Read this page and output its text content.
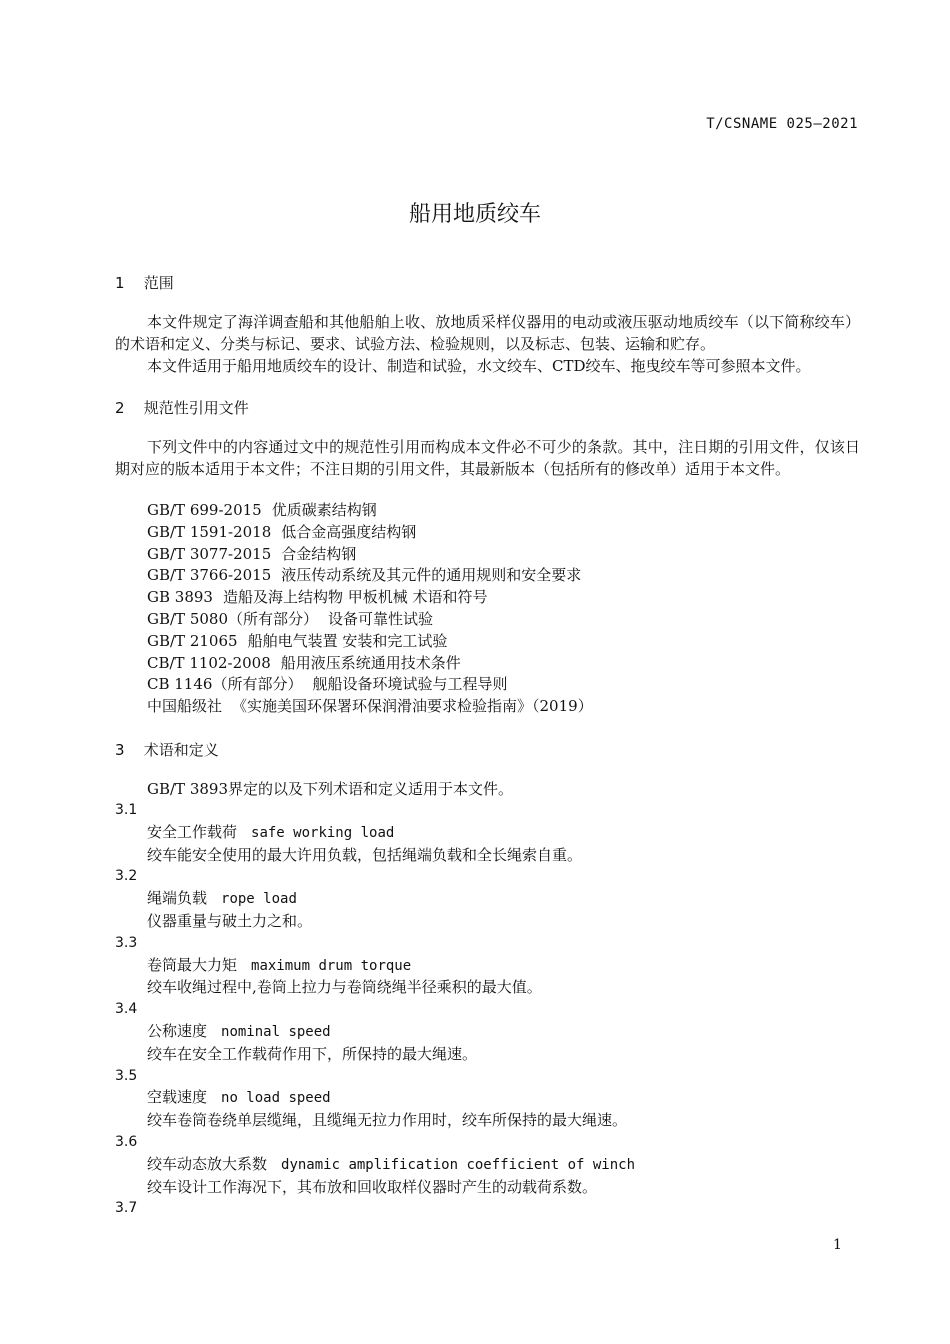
T/CSNAME 025—2021
船用地质绞车
1 范围
本文件规定了海洋调查船和其他船舶上收、放地质采样仪器用的电动或液压驱动地质绞车（以下简称绞车）的术语和定义、分类与标记、要求、试验方法、检验规则，以及标志、包装、运输和贮存。
本文件适用于船用地质绞车的设计、制造和试验，水文绞车、CTD绞车、拖曳绞车等可参照本文件。
2 规范性引用文件
下列文件中的内容通过文中的规范性引用而构成本文件必不可少的条款。其中，注日期的引用文件，仅该日期对应的版本适用于本文件；不注日期的引用文件，其最新版本（包括所有的修改单）适用于本文件。
GB/T 699-2015 优质碳素结构钢
GB/T 1591-2018 低合金高强度结构钢
GB/T 3077-2015 合金结构钢
GB/T 3766-2015 液压传动系统及其元件的通用规则和安全要求
GB 3893 造船及海上结构物 甲板机械 术语和符号
GB/T 5080（所有部分） 设备可靠性试验
GB/T 21065 船舶电气装置 安装和完工试验
CB/T 1102-2008 船用液压系统通用技术条件
CB 1146（所有部分） 舰船设备环境试验与工程导则
中国船级社 《实施美国环保署环保润滑油要求检验指南》（2019）
3 术语和定义
GB/T 3893界定的以及下列术语和定义适用于本文件。
3.1
安全工作载荷 safe working load
绞车能安全使用的最大许用负载，包括绳端负载和全长绳索自重。
3.2
绳端负载 rope load
仪器重量与破土力之和。
3.3
卷筒最大力矩 maximum drum torque
绞车收绳过程中,卷筒上拉力与卷筒绕绳半径乘积的最大值。
3.4
公称速度 nominal speed
绞车在安全工作载荷作用下，所保持的最大绳速。
3.5
空载速度 no load speed
绞车卷筒卷绕单层缆绳，且缆绳无拉力作用时，绞车所保持的最大绳速。
3.6
绞车动态放大系数 dynamic amplification coefficient of winch
绞车设计工作海况下，其布放和回收取样仪器时产生的动载荷系数。
3.7
1
